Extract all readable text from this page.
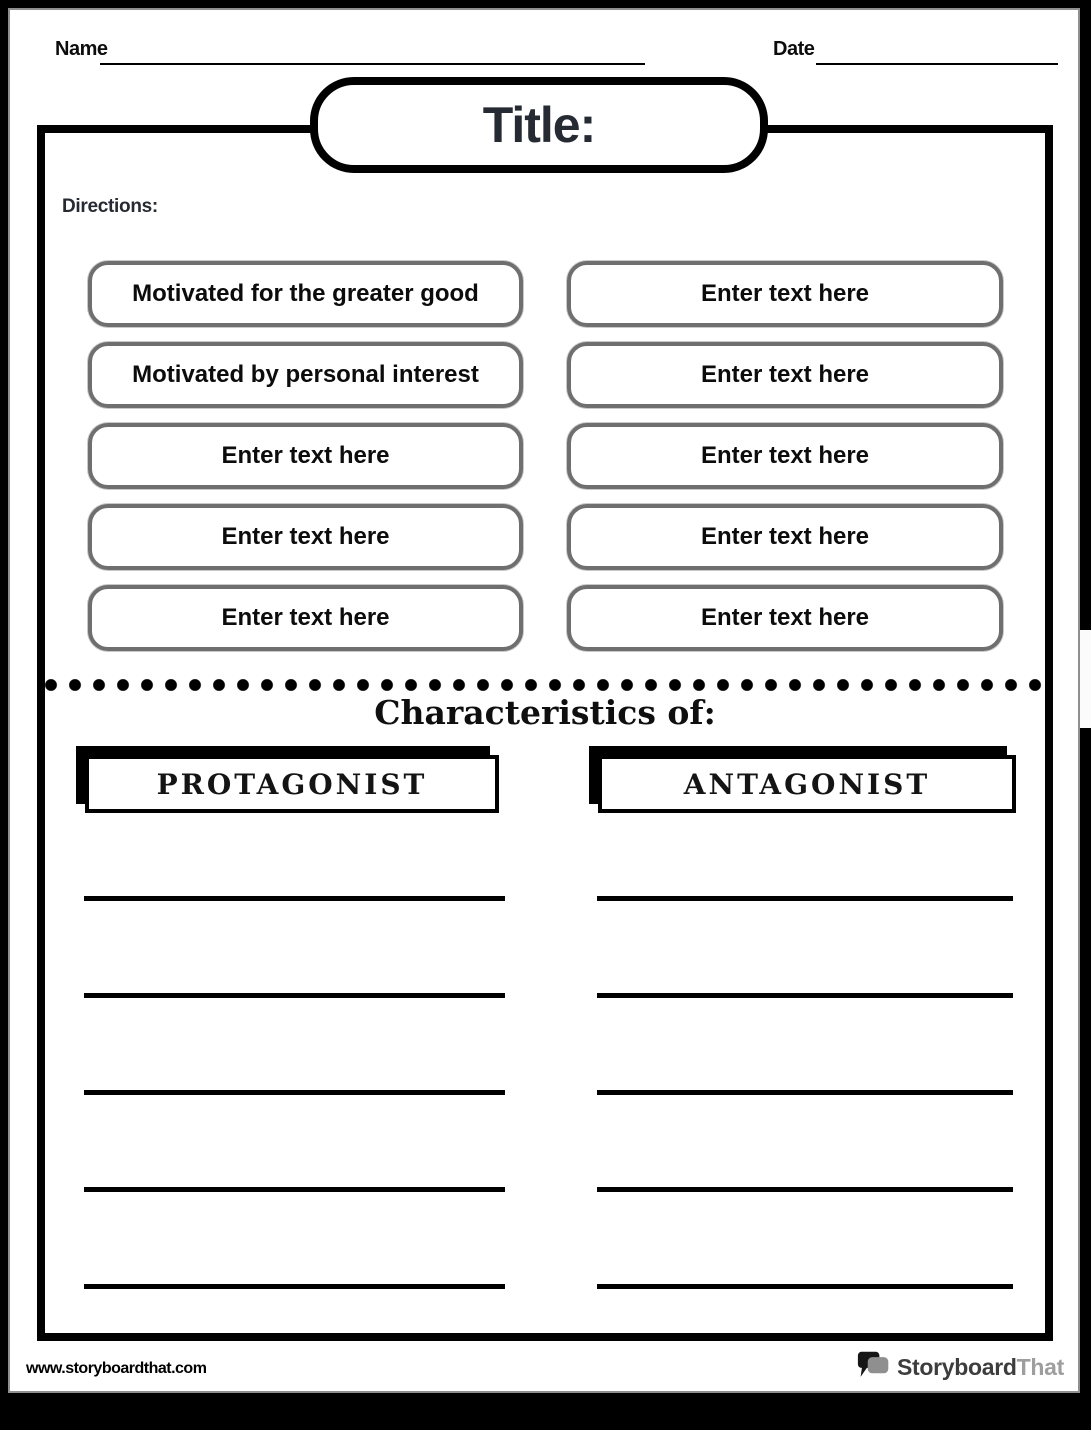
Name	Date
Title:
Directions:
Motivated for the greater good
Motivated by personal interest
Enter text here
Enter text here
Enter text here
Enter text here
Enter text here
Enter text here
Enter text here
Enter text here
Characteristics of:
PROTAGONIST	ANTAGONIST
www.storyboardthat.com	StoryboardThat
